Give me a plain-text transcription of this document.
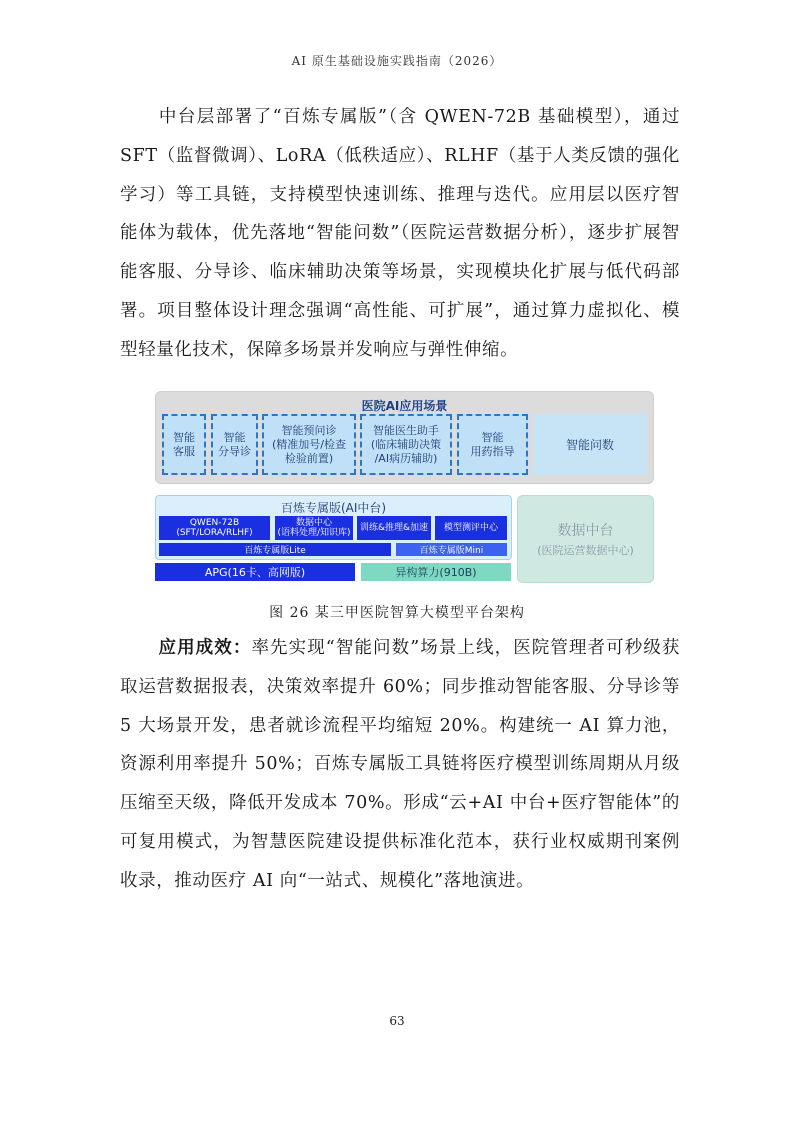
AI 原生基础设施实践指南（2026）
中台层部署了“百炼专属版”（含 QWEN-72B 基础模型），通过 SFT（监督微调）、LoRA（低秩适应）、RLHF（基于人类反馈的强化学习）等工具链，支持模型快速训练、推理与迭代。应用层以医疗智能体为载体，优先落地“智能问数”（医院运营数据分析），逐步扩展智能客服、分导诊、临床辅助决策等场景，实现模块化扩展与低代码部署。项目整体设计理念强调“高性能、可扩展”，通过算力虚拟化、模型轻量化技术，保障多场景并发响应与弹性伸缩。
医院AI应用场景
智能
客服
智能
分导诊
智能预问诊
(精准加号/检查
检验前置)
智能医生助手
(临床辅助决策
/AI病历辅助)
智能
用药指导	智能问数
百炼专属版(AI中台)
QWEN-72B
(SFT/LORA/RLHF)
数据中心
(语料处理/知识库) 训练&推理&加速 模型测评中心
百炼专属版Lite	百炼专属版Mini
数据中台
(医院运营数据中心)
APG(16卡、高网版)	异构算力(910B)
图 26 某三甲医院智算大模型平台架构
应用成效：率先实现“智能问数”场景上线，医院管理者可秒级获取运营数据报表，决策效率提升 60%；同步推动智能客服、分导诊等 5 大场景开发，患者就诊流程平均缩短 20%。构建统一 AI 算力池，资源利用率提升 50%；百炼专属版工具链将医疗模型训练周期从月级压缩至天级，降低开发成本 70%。形成“云+AI 中台+医疗智能体”的可复用模式，为智慧医院建设提供标准化范本，获行业权威期刊案例收录，推动医疗 AI 向“一站式、规模化”落地演进。
63
